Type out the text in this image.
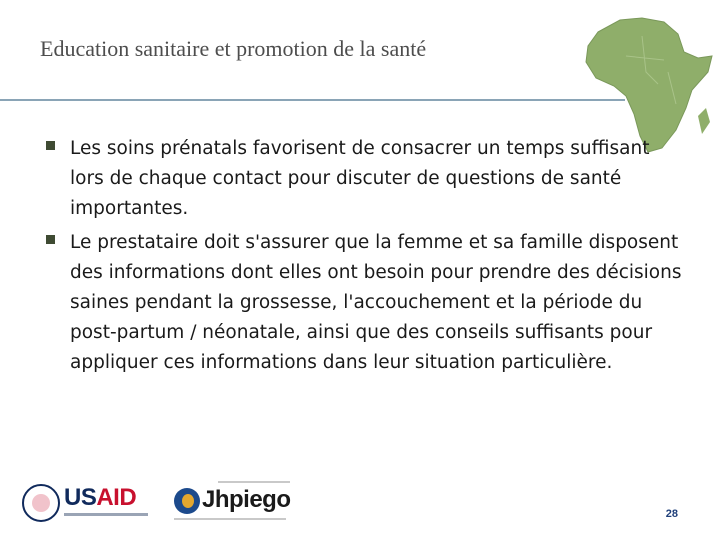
Education sanitaire et promotion de la santé
Les soins prénatals favorisent de consacrer un temps suffisant lors de chaque contact pour discuter de questions de santé importantes.
Le prestataire doit s'assurer que la femme et sa famille disposent des informations dont elles ont besoin pour prendre des décisions saines pendant la grossesse, l'accouchement et la période du post-partum / néonatale, ainsi que des conseils suffisants pour appliquer ces informations dans leur situation particulière.
USAID	Jhpiego
28
